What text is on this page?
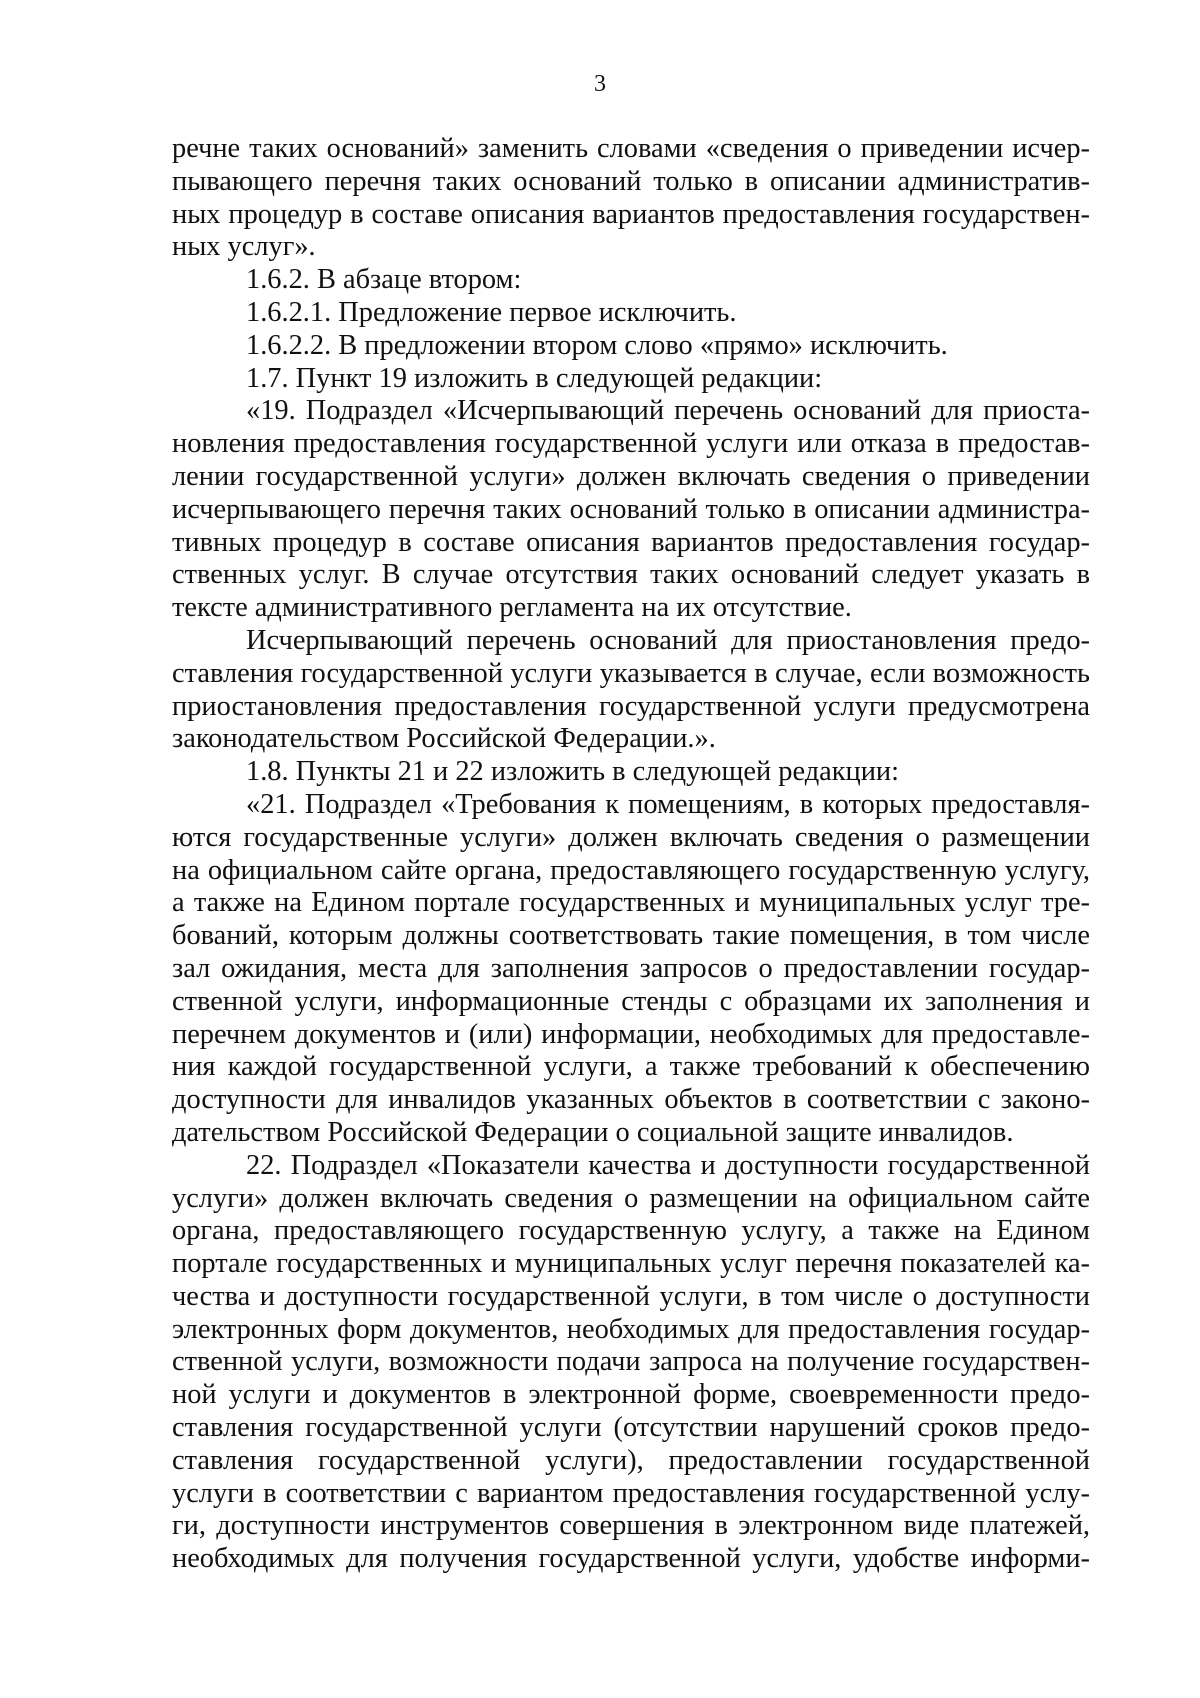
3
речне таких оснований» заменить словами «сведения о приведении исчер-
пывающего перечня таких оснований только в описании административ-
ных процедур в составе описания вариантов предоставления государствен-
ных услуг».
1.6.2. В абзаце втором:
1.6.2.1. Предложение первое исключить.
1.6.2.2. В предложении втором слово «прямо» исключить.
1.7. Пункт 19 изложить в следующей редакции:
«19. Подраздел «Исчерпывающий перечень оснований для приоста-
новления предоставления государственной услуги или отказа в предостав-
лении государственной услуги» должен включать сведения о приведении
исчерпывающего перечня таких оснований только в описании администра-
тивных процедур в составе описания вариантов предоставления государ-
ственных услуг. В случае отсутствия таких оснований следует указать в
тексте административного регламента на их отсутствие.
Исчерпывающий перечень оснований для приостановления предо-
ставления государственной услуги указывается в случае, если возможность
приостановления предоставления государственной услуги предусмотрена
законодательством Российской Федерации.».
1.8. Пункты 21 и 22 изложить в следующей редакции:
«21. Подраздел «Требования к помещениям, в которых предоставля-
ются государственные услуги» должен включать сведения о размещении
на официальном сайте органа, предоставляющего государственную услугу,
а также на Едином портале государственных и муниципальных услуг тре-
бований, которым должны соответствовать такие помещения, в том числе
зал ожидания, места для заполнения запросов о предоставлении государ-
ственной услуги, информационные стенды с образцами их заполнения и
перечнем документов и (или) информации, необходимых для предоставле-
ния каждой государственной услуги, а также требований к обеспечению
доступности для инвалидов указанных объектов в соответствии с законо-
дательством Российской Федерации о социальной защите инвалидов.
22. Подраздел «Показатели качества и доступности государственной
услуги» должен включать сведения о размещении на официальном сайте
органа, предоставляющего государственную услугу, а также на Едином
портале государственных и муниципальных услуг перечня показателей ка-
чества и доступности государственной услуги, в том числе о доступности
электронных форм документов, необходимых для предоставления государ-
ственной услуги, возможности подачи запроса на получение государствен-
ной услуги и документов в электронной форме, своевременности предо-
ставления государственной услуги (отсутствии нарушений сроков предо-
ставления государственной услуги), предоставлении государственной
услуги в соответствии с вариантом предоставления государственной услу-
ги, доступности инструментов совершения в электронном виде платежей,
необходимых для получения государственной услуги, удобстве информи-
